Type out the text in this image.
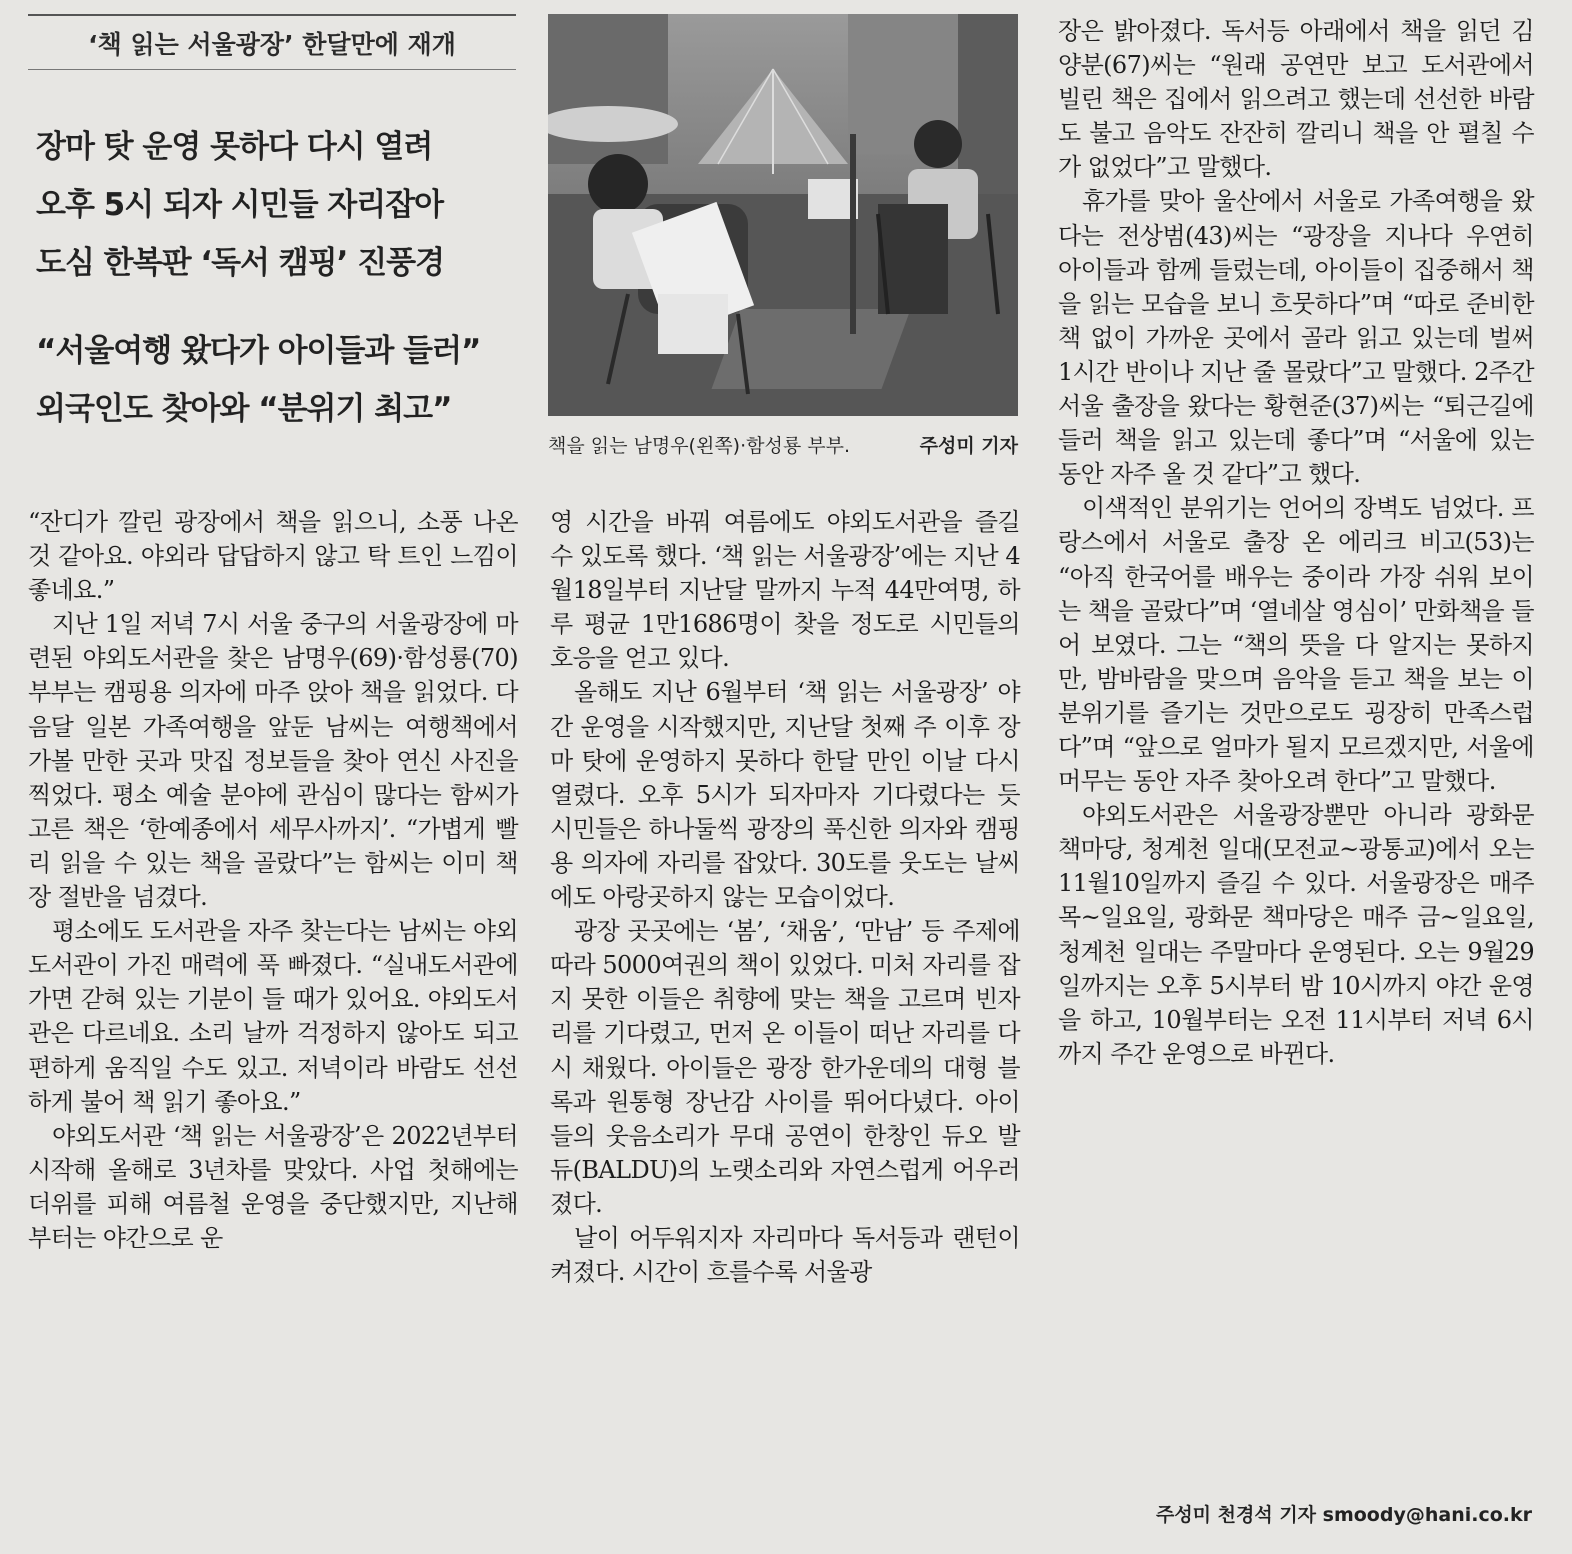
‘책 읽는 서울광장’ 한달만에 재개
장마 탓 운영 못하다 다시 열려
오후 5시 되자 시민들 자리잡아
도심 한복판 ‘독서 캠핑’ 진풍경
“서울여행 왔다가 아이들과 들러”
외국인도 찾아와 “분위기 최고”
책을 읽는 남명우(왼쪽)·함성룡 부부.	주성미 기자

“잔디가 깔린 광장에서 책을 읽으니, 소풍 나온 것 같아요. 야외라 답답하지 않고 탁 트인 느낌이 좋네요.”

지난 1일 저녁 7시 서울 중구의 서울광장에 마련된 야외도서관을 찾은 남명우(69)·함성룡(70) 부부는 캠핑용 의자에 마주 앉아 책을 읽었다. 다음달 일본 가족여행을 앞둔 남씨는 여행책에서 가볼 만한 곳과 맛집 정보들을 찾아 연신 사진을 찍었다. 평소 예술 분야에 관심이 많다는 함씨가 고른 책은 ‘한예종에서 세무사까지’. “가볍게 빨리 읽을 수 있는 책을 골랐다”는 함씨는 이미 책장 절반을 넘겼다.

평소에도 도서관을 자주 찾는다는 남씨는 야외도서관이 가진 매력에 푹 빠졌다. “실내도서관에 가면 갇혀 있는 기분이 들 때가 있어요. 야외도서관은 다르네요. 소리 날까 걱정하지 않아도 되고 편하게 움직일 수도 있고. 저녁이라 바람도 선선하게 불어 책 읽기 좋아요.”

야외도서관 ‘책 읽는 서울광장’은 2022년부터 시작해 올해로 3년차를 맞았다. 사업 첫해에는 더위를 피해 여름철 운영을 중단했지만, 지난해부터는 야간으로 운

영 시간을 바꿔 여름에도 야외도서관을 즐길 수 있도록 했다. ‘책 읽는 서울광장’에는 지난 4월18일부터 지난달 말까지 누적 44만여명, 하루 평균 1만1686명이 찾을 정도로 시민들의 호응을 얻고 있다.

올해도 지난 6월부터 ‘책 읽는 서울광장’ 야간 운영을 시작했지만, 지난달 첫째 주 이후 장마 탓에 운영하지 못하다 한달 만인 이날 다시 열렸다. 오후 5시가 되자마자 기다렸다는 듯 시민들은 하나둘씩 광장의 푹신한 의자와 캠핑용 의자에 자리를 잡았다. 30도를 웃도는 날씨에도 아랑곳하지 않는 모습이었다.

광장 곳곳에는 ‘봄’, ‘채움’, ‘만남’ 등 주제에 따라 5000여권의 책이 있었다. 미처 자리를 잡지 못한 이들은 취향에 맞는 책을 고르며 빈자리를 기다렸고, 먼저 온 이들이 떠난 자리를 다시 채웠다. 아이들은 광장 한가운데의 대형 블록과 원통형 장난감 사이를 뛰어다녔다. 아이들의 웃음소리가 무대 공연이 한창인 듀오 발듀(BALDU)의 노랫소리와 자연스럽게 어우러졌다.

날이 어두워지자 자리마다 독서등과 랜턴이 켜졌다. 시간이 흐를수록 서울광

장은 밝아졌다. 독서등 아래에서 책을 읽던 김양분(67)씨는 “원래 공연만 보고 도서관에서 빌린 책은 집에서 읽으려고 했는데 선선한 바람도 불고 음악도 잔잔히 깔리니 책을 안 펼칠 수가 없었다”고 말했다.

휴가를 맞아 울산에서 서울로 가족여행을 왔다는 전상범(43)씨는 “광장을 지나다 우연히 아이들과 함께 들렀는데, 아이들이 집중해서 책을 읽는 모습을 보니 흐뭇하다”며 “따로 준비한 책 없이 가까운 곳에서 골라 읽고 있는데 벌써 1시간 반이나 지난 줄 몰랐다”고 말했다. 2주간 서울 출장을 왔다는 황현준(37)씨는 “퇴근길에 들러 책을 읽고 있는데 좋다”며 “서울에 있는 동안 자주 올 것 같다”고 했다.

이색적인 분위기는 언어의 장벽도 넘었다. 프랑스에서 서울로 출장 온 에리크 비고(53)는 “아직 한국어를 배우는 중이라 가장 쉬워 보이는 책을 골랐다”며 ‘열네살 영심이’ 만화책을 들어 보였다. 그는 “책의 뜻을 다 알지는 못하지만, 밤바람을 맞으며 음악을 듣고 책을 보는 이 분위기를 즐기는 것만으로도 굉장히 만족스럽다”며 “앞으로 얼마가 될지 모르겠지만, 서울에 머무는 동안 자주 찾아오려 한다”고 말했다.

야외도서관은 서울광장뿐만 아니라 광화문 책마당, 청계천 일대(모전교~광통교)에서 오는 11월10일까지 즐길 수 있다. 서울광장은 매주 목~일요일, 광화문 책마당은 매주 금~일요일, 청계천 일대는 주말마다 운영된다. 오는 9월29일까지는 오후 5시부터 밤 10시까지 야간 운영을 하고, 10월부터는 오전 11시부터 저녁 6시까지 주간 운영으로 바뀐다.

주성미 천경석 기자 smoody@hani.co.kr
